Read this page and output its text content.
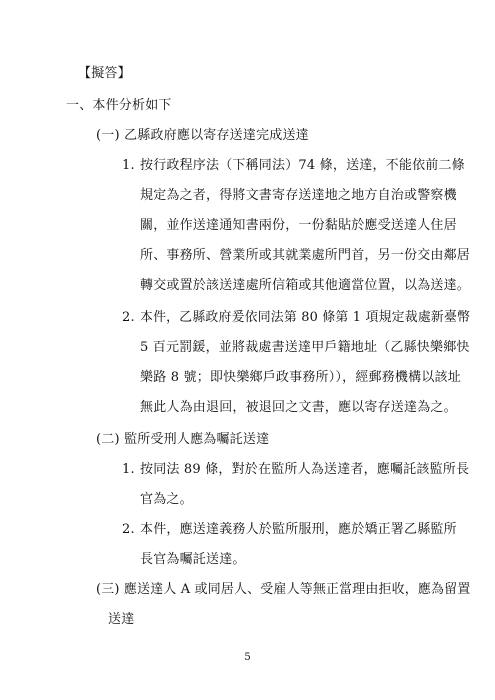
【擬答】
一、本件分析如下
(一) 乙縣政府應以寄存送達完成送達
1. 按行政程序法（下稱同法）74 條，送達，不能依前二條
規定為之者，得將文書寄存送達地之地方自治或警察機
關，並作送達通知書兩份，一份黏貼於應受送達人住居
所、事務所、營業所或其就業處所門首，另一份交由鄰居
轉交或置於該送達處所信箱或其他適當位置，以為送達。
2. 本件，乙縣政府爰依同法第 80 條第 1 項規定裁處新臺幣
5 百元罰鍰，並將裁處書送達甲戶籍地址（乙縣快樂鄉快
樂路 8 號；即快樂鄉戶政事務所）），經郵務機構以該址
無此人為由退回，被退回之文書，應以寄存送達為之。
(二) 監所受刑人應為囑託送達
1. 按同法 89 條，對於在監所人為送達者，應囑託該監所長
官為之。
2. 本件，應送達義務人於監所服刑，應於矯正署乙縣監所
長官為囑託送達。
(三) 應送達人 A 或同居人、受雇人等無正當理由拒收，應為留置
送達
5
